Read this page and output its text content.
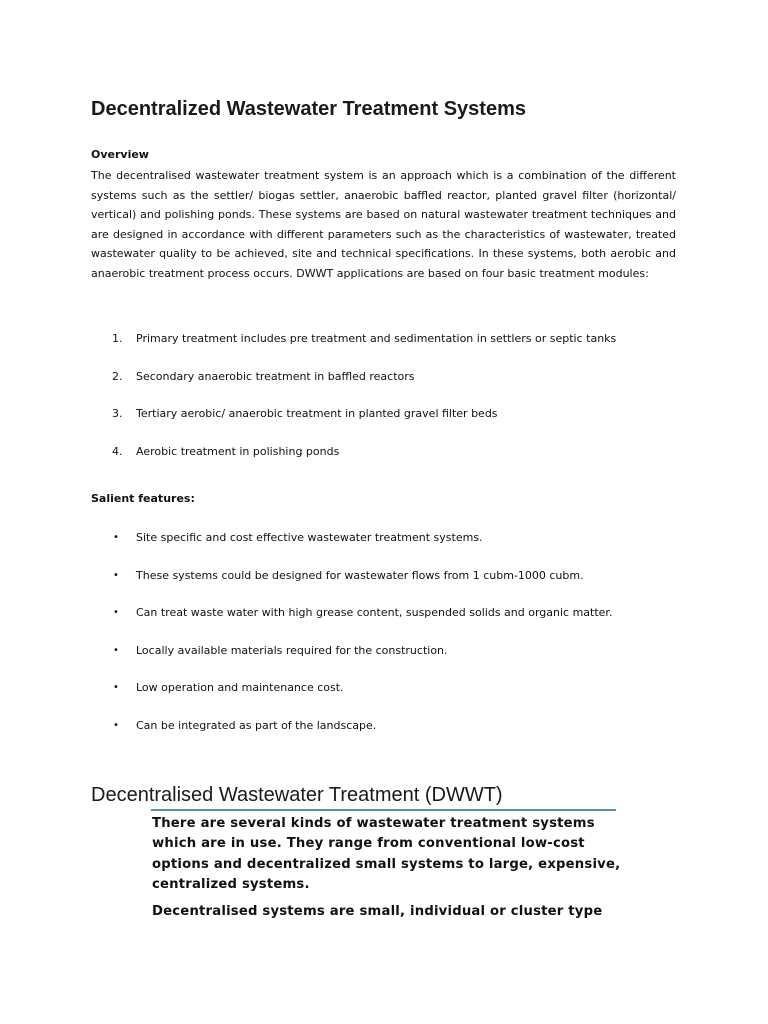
Decentralized Wastewater Treatment Systems

Overview

The decentralised wastewater treatment system is an approach which is a combination of the different systems such as the settler/ biogas settler, anaerobic baffled reactor, planted gravel filter (horizontal/ vertical) and polishing ponds. These systems are based on natural wastewater treatment techniques and are designed in accordance with different parameters such as the characteristics of wastewater, treated wastewater quality to be achieved, site and technical specifications. In these systems, both aerobic and anaerobic treatment process occurs. DWWT applications are based on four basic treatment modules:

1. Primary treatment includes pre treatment and sedimentation in settlers or septic tanks
2. Secondary anaerobic treatment in baffled reactors
3. Tertiary aerobic/ anaerobic treatment in planted gravel filter beds
4. Aerobic treatment in polishing ponds

Salient features:

• Site specific and cost effective wastewater treatment systems.
• These systems could be designed for wastewater flows from 1 cubm-1000 cubm.
• Can treat waste water with high grease content, suspended solids and organic matter.
• Locally available materials required for the construction.
• Low operation and maintenance cost.
• Can be integrated as part of the landscape.
Decentralised Wastewater Treatment (DWWT)

There are several kinds of wastewater treatment systems which are in use. They range from conventional low-cost options and decentralized small systems to large, expensive, centralized systems.

Decentralised systems are small, individual or cluster type
